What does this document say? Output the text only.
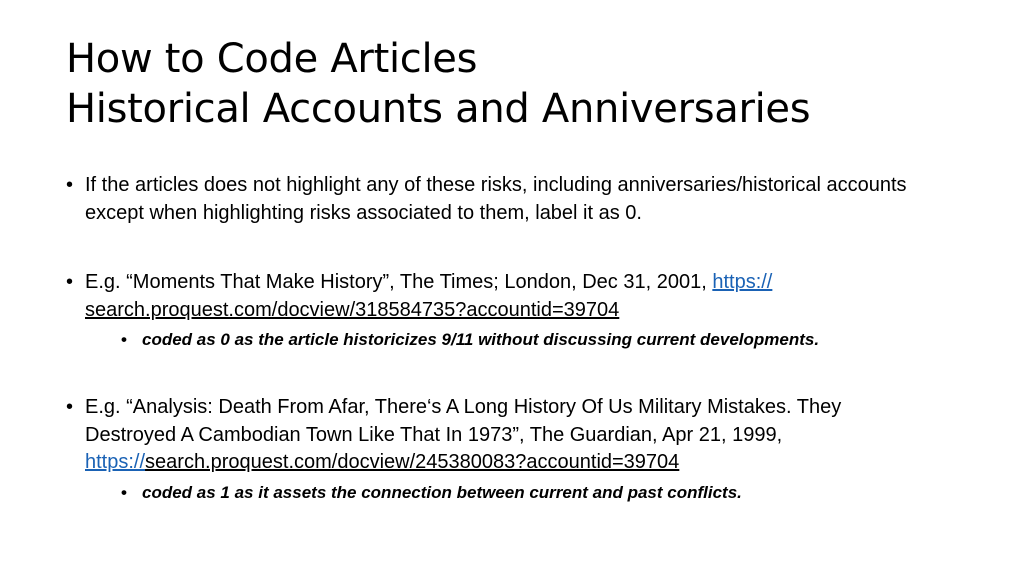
How to Code Articles
Historical Accounts and Anniversaries
• If the articles does not highlight any of these risks, including anniversaries/historical accounts except when highlighting risks associated to them, label it as 0.
• E.g. “Moments That Make History”, The Times; London, Dec 31, 2001, https://
search.proquest.com/docview/318584735?accountid=39704
• coded as 0 as the article historicizes 9/11 without discussing current developments.
• E.g. “Analysis: Death From Afar, There‘s A Long History Of Us Military Mistakes. They Destroyed A Cambodian Town Like That In 1973”, The Guardian, Apr 21, 1999, https://search.proquest.com/docview/245380083?accountid=39704
• coded as 1 as it assets the connection between current and past conflicts.
